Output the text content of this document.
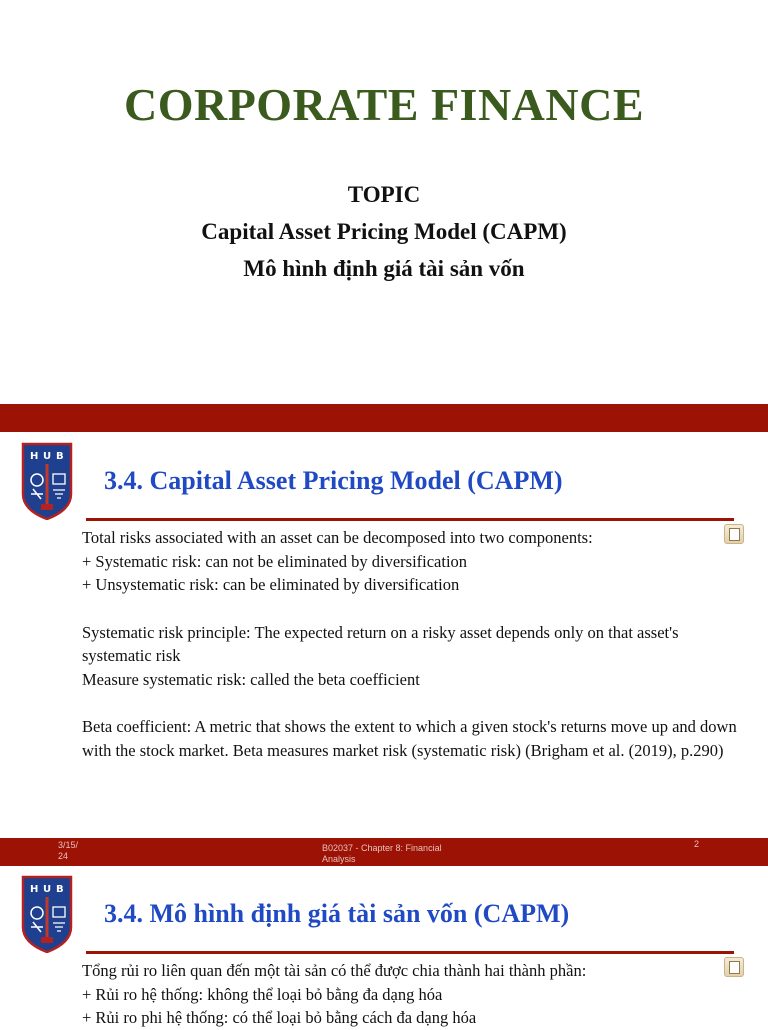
CORPORATE FINANCE
TOPIC
Capital Asset Pricing Model (CAPM)
Mô hình định giá tài sản vốn
H U B
3.4. Capital Asset Pricing Model (CAPM)

Total risks associated with an asset can be decomposed into two components:

+ Systematic risk: can not be eliminated by diversification

+ Unsystematic risk: can be eliminated by diversification

Systematic risk principle: The expected return on a risky asset depends only on that asset's systematic risk

Measure systematic risk: called the beta coefficient

Beta coefficient: A metric that shows the extent to which a given stock's returns move up and down with the stock market. Beta measures market risk (systematic risk) (Brigham et al. (2019), p.290)

3/15/
24
B02037 - Chapter 8: Financial
Analysis
2
H U B
3.4. Mô hình định giá tài sản vốn (CAPM)

Tổng rủi ro liên quan đến một tài sản có thể được chia thành hai thành phần:

+ Rủi ro hệ thống: không thể loại bỏ bằng đa dạng hóa

+ Rủi ro phi hệ thống: có thể loại bỏ bằng cách đa dạng hóa
